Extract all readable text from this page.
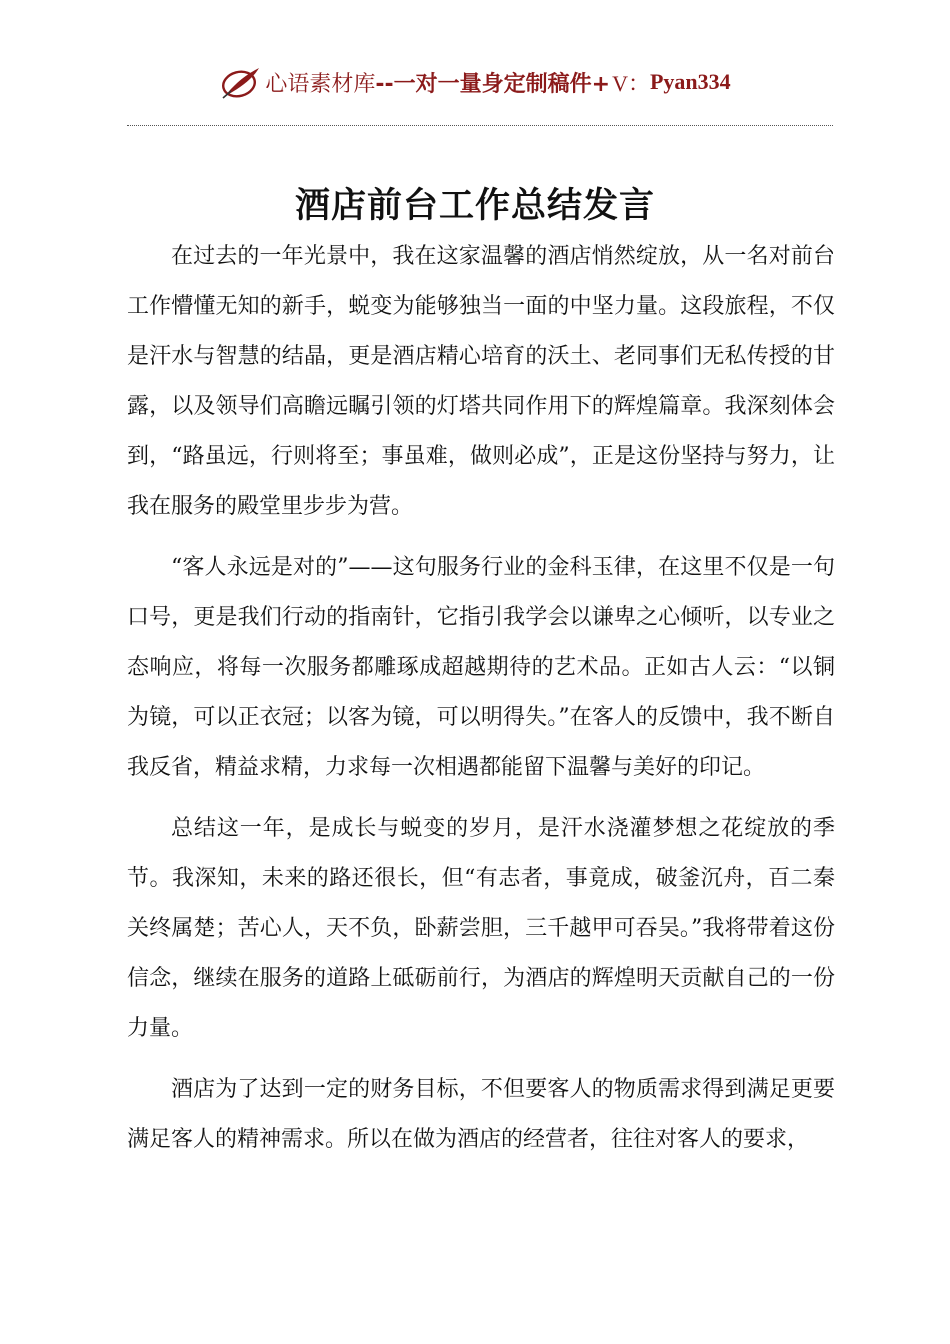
心语素材库 --一对一量身定制稿件+ V： Pyan334
酒店前台工作总结发言

在过去的一年光景中，我在这家温馨的酒店悄然绽放，从一名对前台工作懵懂无知的新手，蜕变为能够独当一面的中坚力量。这段旅程，不仅是汗水与智慧的结晶，更是酒店精心培育的沃土、老同事们无私传授的甘露，以及领导们高瞻远瞩引领的灯塔共同作用下的辉煌篇章。我深刻体会到，“路虽远，行则将至；事虽难，做则必成”，正是这份坚持与努力，让我在服务的殿堂里步步为营。

“客人永远是对的”——这句服务行业的金科玉律，在这里不仅是一句口号，更是我们行动的指南针，它指引我学会以谦卑之心倾听，以专业之态响应，将每一次服务都雕琢成超越期待的艺术品。正如古人云：“以铜为镜，可以正衣冠；以客为镜，可以明得失。”在客人的反馈中，我不断自我反省，精益求精，力求每一次相遇都能留下温馨与美好的印记。

总结这一年，是成长与蜕变的岁月，是汗水浇灌梦想之花绽放的季节。我深知，未来的路还很长，但“有志者，事竟成，破釜沉舟，百二秦关终属楚；苦心人，天不负，卧薪尝胆，三千越甲可吞吴。”我将带着这份信念，继续在服务的道路上砥砺前行，为酒店的辉煌明天贡献自己的一份力量。

酒店为了达到一定的财务目标，不但要客人的物质需求得到满足更要满足客人的精神需求。所以在做为酒店的经营者，往往对客人的要求，
